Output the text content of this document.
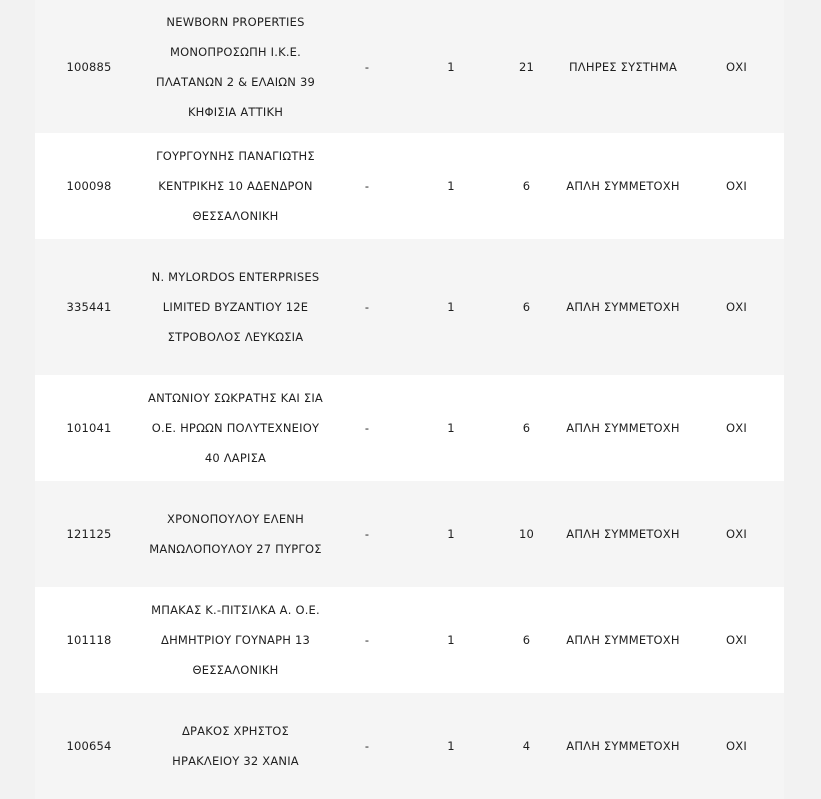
100885	NEWBORN PROPERTIES ΜΟΝΟΠΡΟΣΩΠΗ Ι.Κ.Ε. ΠΛΑΤΑΝΩΝ 2 & ΕΛΑΙΩΝ 39 ΚΗΦΙΣΙΑ ΑΤΤΙΚΗ	-	1	21	ΠΛΗΡΕΣ ΣΥΣΤΗΜΑ	ΟΧΙ
100098	ΓΟΥΡΓΟΥΝΗΣ ΠΑΝΑΓΙΩΤΗΣ ΚΕΝΤΡΙΚΗΣ 10 ΑΔΕΝΔΡΟΝ ΘΕΣΣΑΛΟΝΙΚΗ	-	1	6	ΑΠΛΗ ΣΥΜΜΕΤΟΧΗ	ΟΧΙ
335441	N. MYLORDOS ENTERPRISES LIMITED ΒΥΖΑΝΤΙΟΥ 12Ε ΣΤΡΟΒΟΛΟΣ ΛΕΥΚΩΣΙΑ	-	1	6	ΑΠΛΗ ΣΥΜΜΕΤΟΧΗ	ΟΧΙ
101041	ΑΝΤΩΝΙΟΥ ΣΩΚΡΑΤΗΣ ΚΑΙ ΣΙΑ Ο.Ε. ΗΡΩΩΝ ΠΟΛΥΤΕΧΝΕΙΟΥ 40 ΛΑΡΙΣΑ	-	1	6	ΑΠΛΗ ΣΥΜΜΕΤΟΧΗ	ΟΧΙ
121125	ΧΡΟΝΟΠΟΥΛΟΥ ΕΛΕΝΗ ΜΑΝΩΛΟΠΟΥΛΟΥ 27 ΠΥΡΓΟΣ	-	1	10	ΑΠΛΗ ΣΥΜΜΕΤΟΧΗ	ΟΧΙ
101118	ΜΠΑΚΑΣ Κ.-ΠΙΤΣΙΛΚΑ Α. Ο.Ε. ΔΗΜΗΤΡΙΟΥ ΓΟΥΝΑΡΗ 13 ΘΕΣΣΑΛΟΝΙΚΗ	-	1	6	ΑΠΛΗ ΣΥΜΜΕΤΟΧΗ	ΟΧΙ
100654	ΔΡΑΚΟΣ ΧΡΗΣΤΟΣ ΗΡΑΚΛΕΙΟΥ 32 ΧΑΝΙΑ	-	1	4	ΑΠΛΗ ΣΥΜΜΕΤΟΧΗ	ΟΧΙ
